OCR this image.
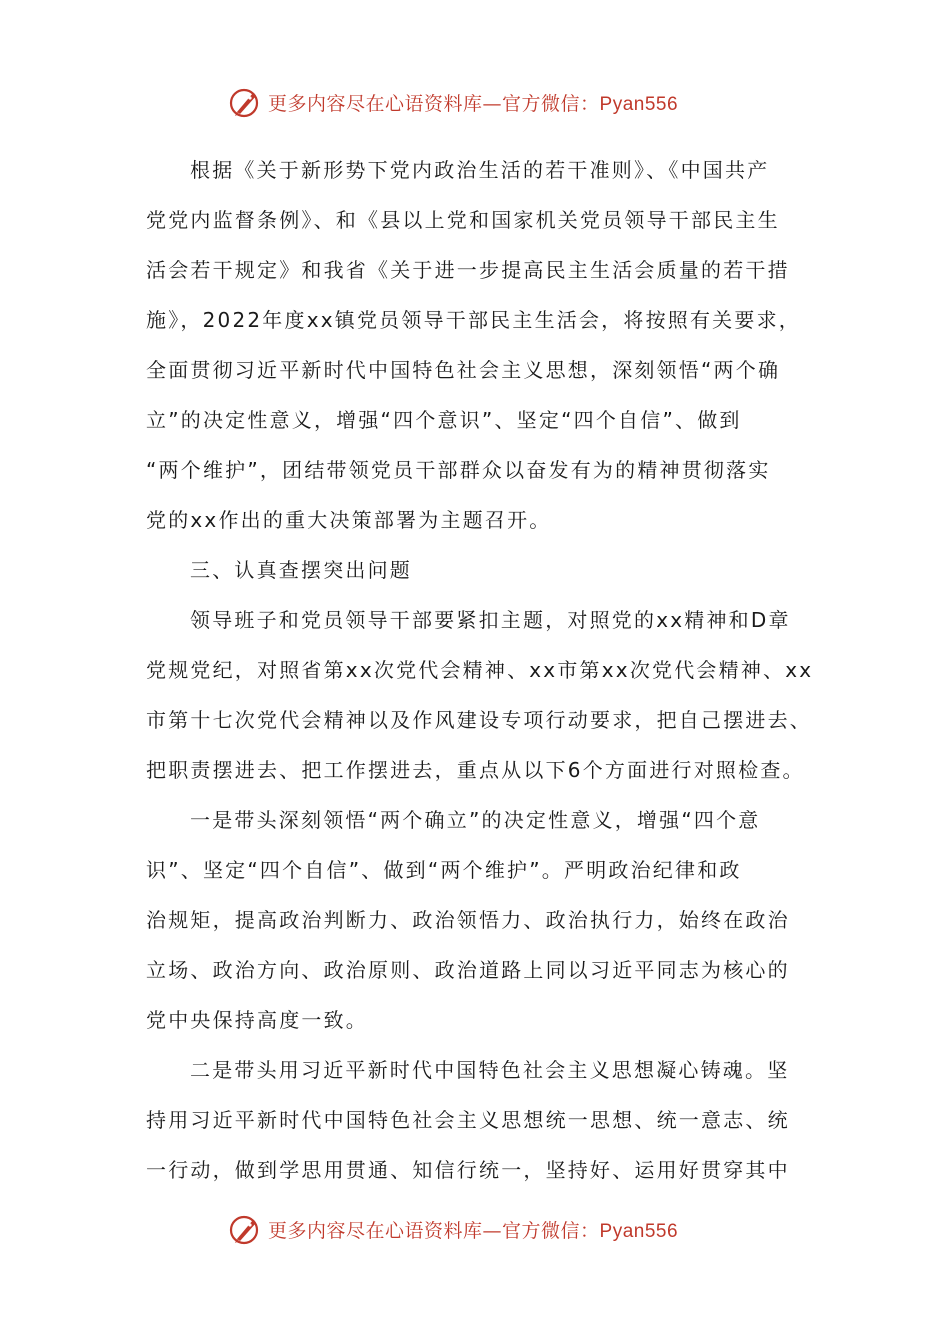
更多内容尽在心语资料库—官方微信：Pyan556
根据《关于新形势下党内政治生活的若干准则》、《中国共产
党党内监督条例》、和《县以上党和国家机关党员领导干部民主生
活会若干规定》和我省《关于进一步提高民主生活会质量的若干措
施》，2022年度xx镇党员领导干部民主生活会，将按照有关要求，
全面贯彻习近平新时代中国特色社会主义思想，深刻领悟“两个确
立”的决定性意义，增强“四个意识”、坚定“四个自信”、做到
“两个维护”，团结带领党员干部群众以奋发有为的精神贯彻落实
党的xx作出的重大决策部署为主题召开。
三、认真查摆突出问题
领导班子和党员领导干部要紧扣主题，对照党的xx精神和D章
党规党纪，对照省第xx次党代会精神、xx市第xx次党代会精神、xx
市第十七次党代会精神以及作风建设专项行动要求，把自己摆进去、
把职责摆进去、把工作摆进去，重点从以下6个方面进行对照检查。
一是带头深刻领悟“两个确立”的决定性意义，增强“四个意
识”、坚定“四个自信”、做到“两个维护”。严明政治纪律和政
治规矩，提高政治判断力、政治领悟力、政治执行力，始终在政治
立场、政治方向、政治原则、政治道路上同以习近平同志为核心的
党中央保持高度一致。
二是带头用习近平新时代中国特色社会主义思想凝心铸魂。坚
持用习近平新时代中国特色社会主义思想统一思想、统一意志、统
一行动，做到学思用贯通、知信行统一，坚持好、运用好贯穿其中
更多内容尽在心语资料库—官方微信：Pyan556
